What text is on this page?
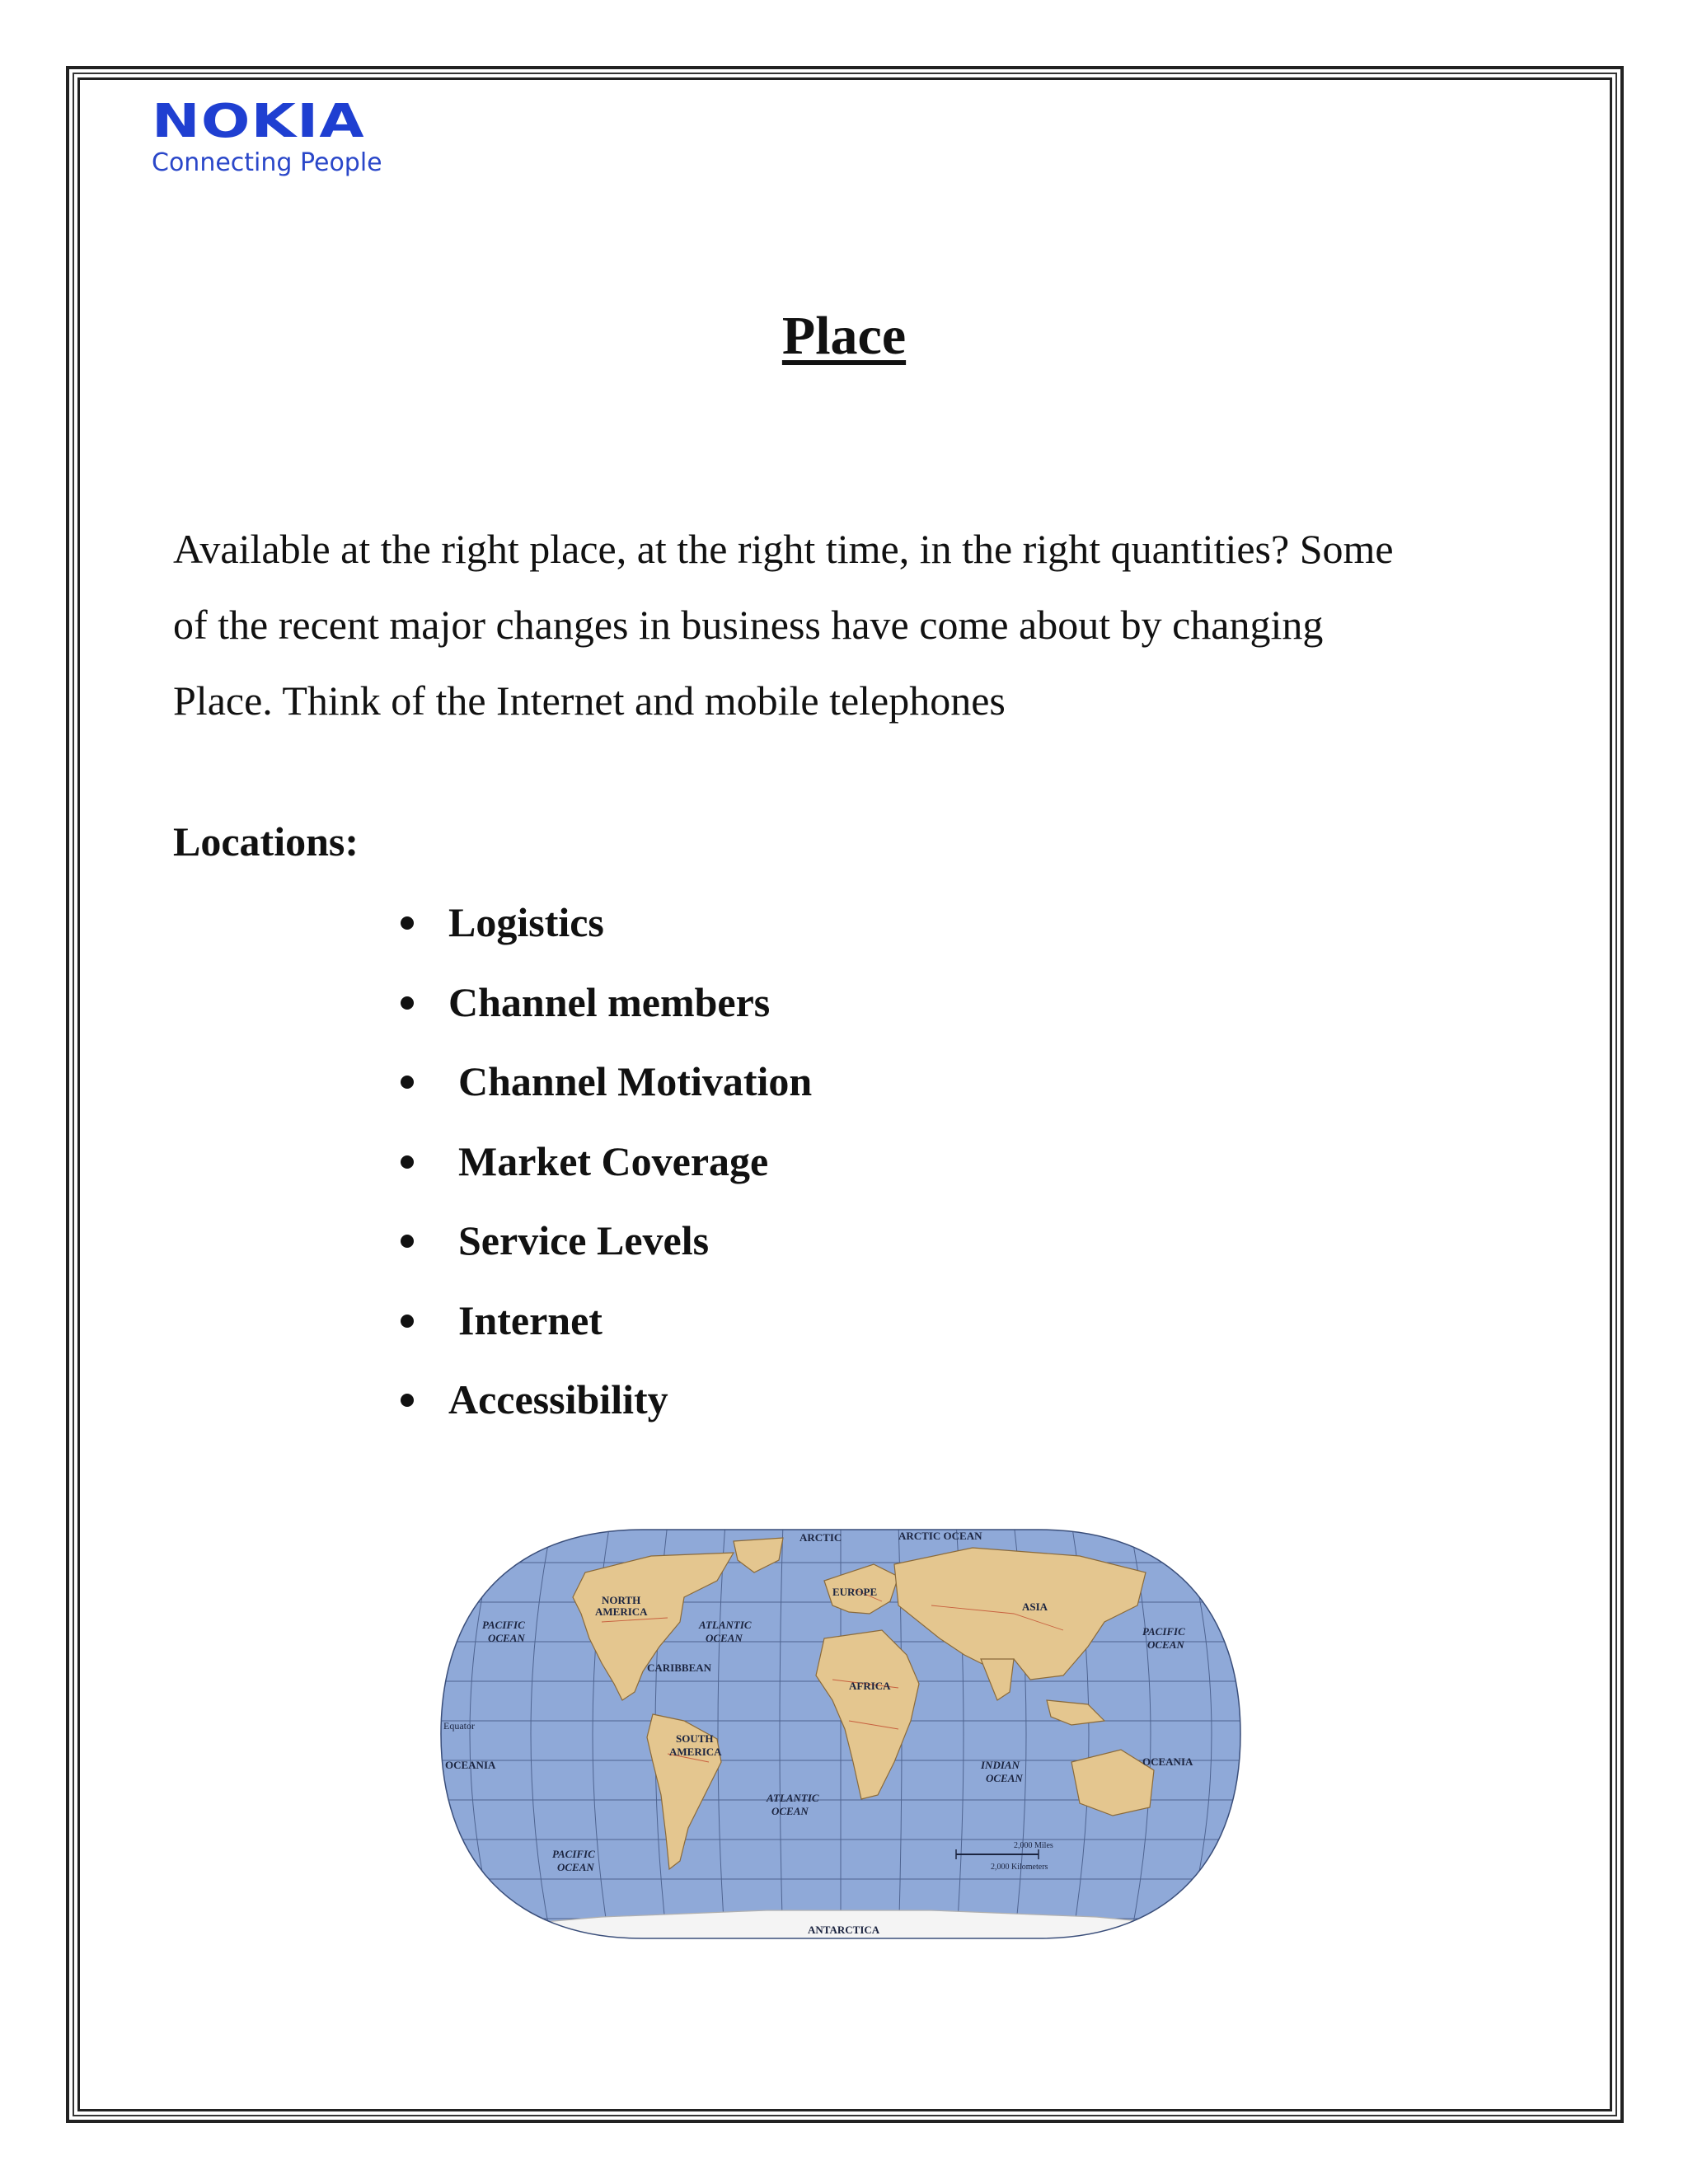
NOKIA
Connecting People
Place
Available at the right place, at the right time, in the right quantities? Some
of the recent major changes in business have come about by changing
Place. Think of the Internet and mobile telephones
Locations:
Logistics
Channel members
Channel Motivation
Market Coverage
Service Levels
Internet
Accessibility
ARCTIC	ARCTIC OCEAN
NORTH
AMERICA
EUROPE
ASIA
PACIFIC
OCEAN
ATLANTIC
OCEAN
CARIBBEAN
AFRICA
PACIFIC
OCEAN
Equator
OCEANIA
SOUTH
AMERICA
INDIAN
OCEAN
OCEANIA
ATLANTIC
OCEAN
PACIFIC
OCEAN
ANTARCTICA
2,000 Miles
2,000 Kilometers
